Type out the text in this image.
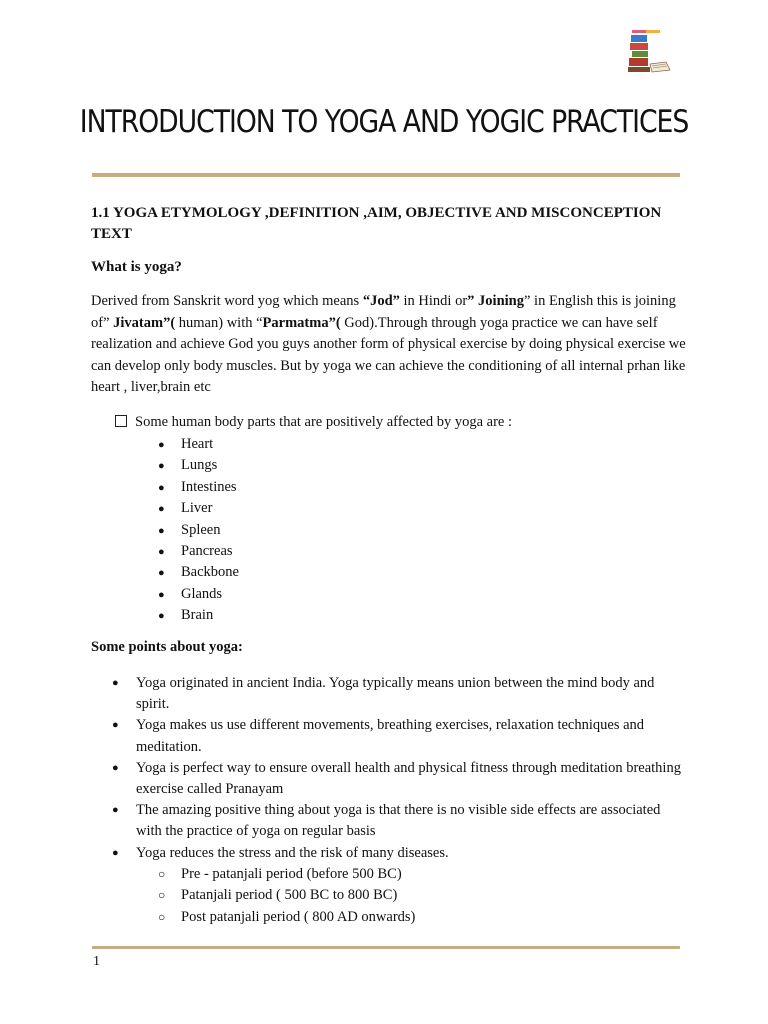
INTRODUCTION TO YOGA AND YOGIC PRACTICES
1.1 YOGA ETYMOLOGY ,DEFINITION ,AIM, OBJECTIVE AND MISCONCEPTION TEXT
What is yoga?
Derived from Sanskrit word yog which means “Jod” in Hindi or” Joining” in English this is joining of” Jivatam”( human) with “Parmatma”( God).Through through yoga practice we can have self realization and achieve God you guys another form of physical exercise by doing physical exercise we can develop only body muscles. But by yoga we can achieve the conditioning of all internal prhan like heart , liver,brain etc
Some human body parts that are positively affected by yoga are :
● Heart
● Lungs
● Intestines
● Liver
● Spleen
● Pancreas
● Backbone
● Glands
● Brain
Some points about yoga:
● Yoga originated in ancient India. Yoga typically means union between the mind body and spirit.
● Yoga makes us use different movements, breathing exercises, relaxation techniques and meditation.
● Yoga is perfect way to ensure overall health and physical fitness through meditation breathing exercise called Pranayam
● The amazing positive thing about yoga is that there is no visible side effects are associated with the practice of yoga on regular basis
● Yoga reduces the stress and the risk of many diseases.
○ Pre - patanjali period (before 500 BC)
○ Patanjali period ( 500 BC to 800 BC)
○ Post patanjali period ( 800 AD onwards)
1
